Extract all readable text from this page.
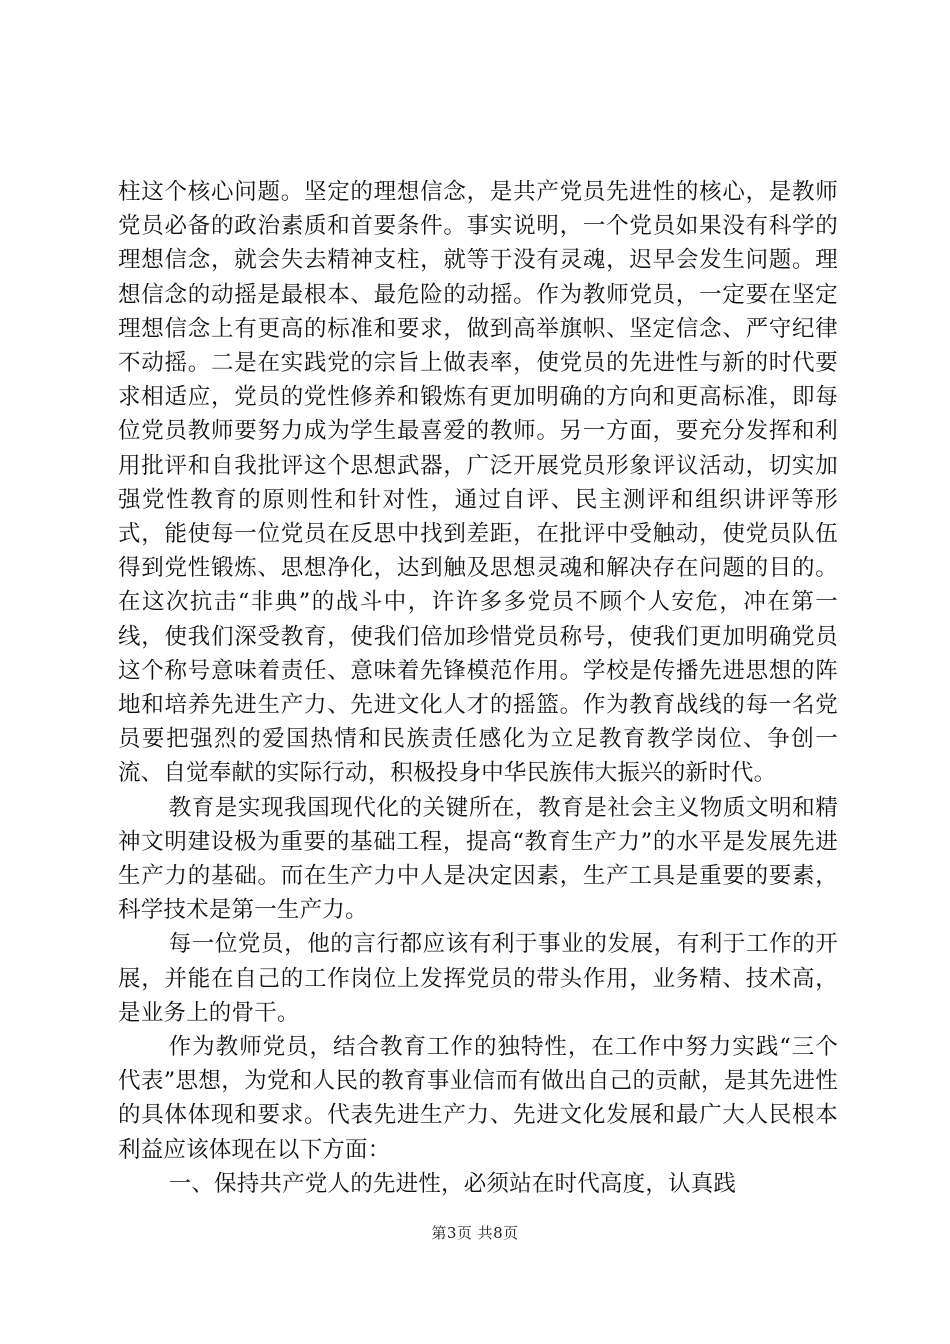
柱这个核心问题。坚定的理想信念，是共产党员先进性的核心，是教师党员必备的政治素质和首要条件。事实说明，一个党员如果没有科学的理想信念，就会失去精神支柱，就等于没有灵魂，迟早会发生问题。理想信念的动摇是最根本、最危险的动摇。作为教师党员，一定要在坚定理想信念上有更高的标准和要求，做到高举旗帜、坚定信念、严守纪律不动摇。二是在实践党的宗旨上做表率，使党员的先进性与新的时代要求相适应，党员的党性修养和锻炼有更加明确的方向和更高标准，即每位党员教师要努力成为学生最喜爱的教师。另一方面，要充分发挥和利用批评和自我批评这个思想武器，广泛开展党员形象评议活动，切实加强党性教育的原则性和针对性，通过自评、民主测评和组织讲评等形式，能使每一位党员在反思中找到差距，在批评中受触动，使党员队伍得到党性锻炼、思想净化，达到触及思想灵魂和解决存在问题的目的。在这次抗击“非典”的战斗中，许许多多党员不顾个人安危，冲在第一线，使我们深受教育，使我们倍加珍惜党员称号，使我们更加明确党员这个称号意味着责任、意味着先锋模范作用。学校是传播先进思想的阵地和培养先进生产力、先进文化人才的摇篮。作为教育战线的每一名党员要把强烈的爱国热情和民族责任感化为立足教育教学岗位、争创一流、自觉奉献的实际行动，积极投身中华民族伟大振兴的新时代。

教育是实现我国现代化的关键所在，教育是社会主义物质文明和精神文明建设极为重要的基础工程，提高“教育生产力”的水平是发展先进生产力的基础。而在生产力中人是决定因素，生产工具是重要的要素，科学技术是第一生产力。

每一位党员，他的言行都应该有利于事业的发展，有利于工作的开展，并能在自己的工作岗位上发挥党员的带头作用，业务精、技术高，是业务上的骨干。

作为教师党员，结合教育工作的独特性，在工作中努力实践“三个代表”思想，为党和人民的教育事业信而有做出自己的贡献，是其先进性的具体体现和要求。代表先进生产力、先进文化发展和最广大人民根本利益应该体现在以下方面：

一、保持共产党人的先进性，必须站在时代高度，认真践

第3页 共8页
